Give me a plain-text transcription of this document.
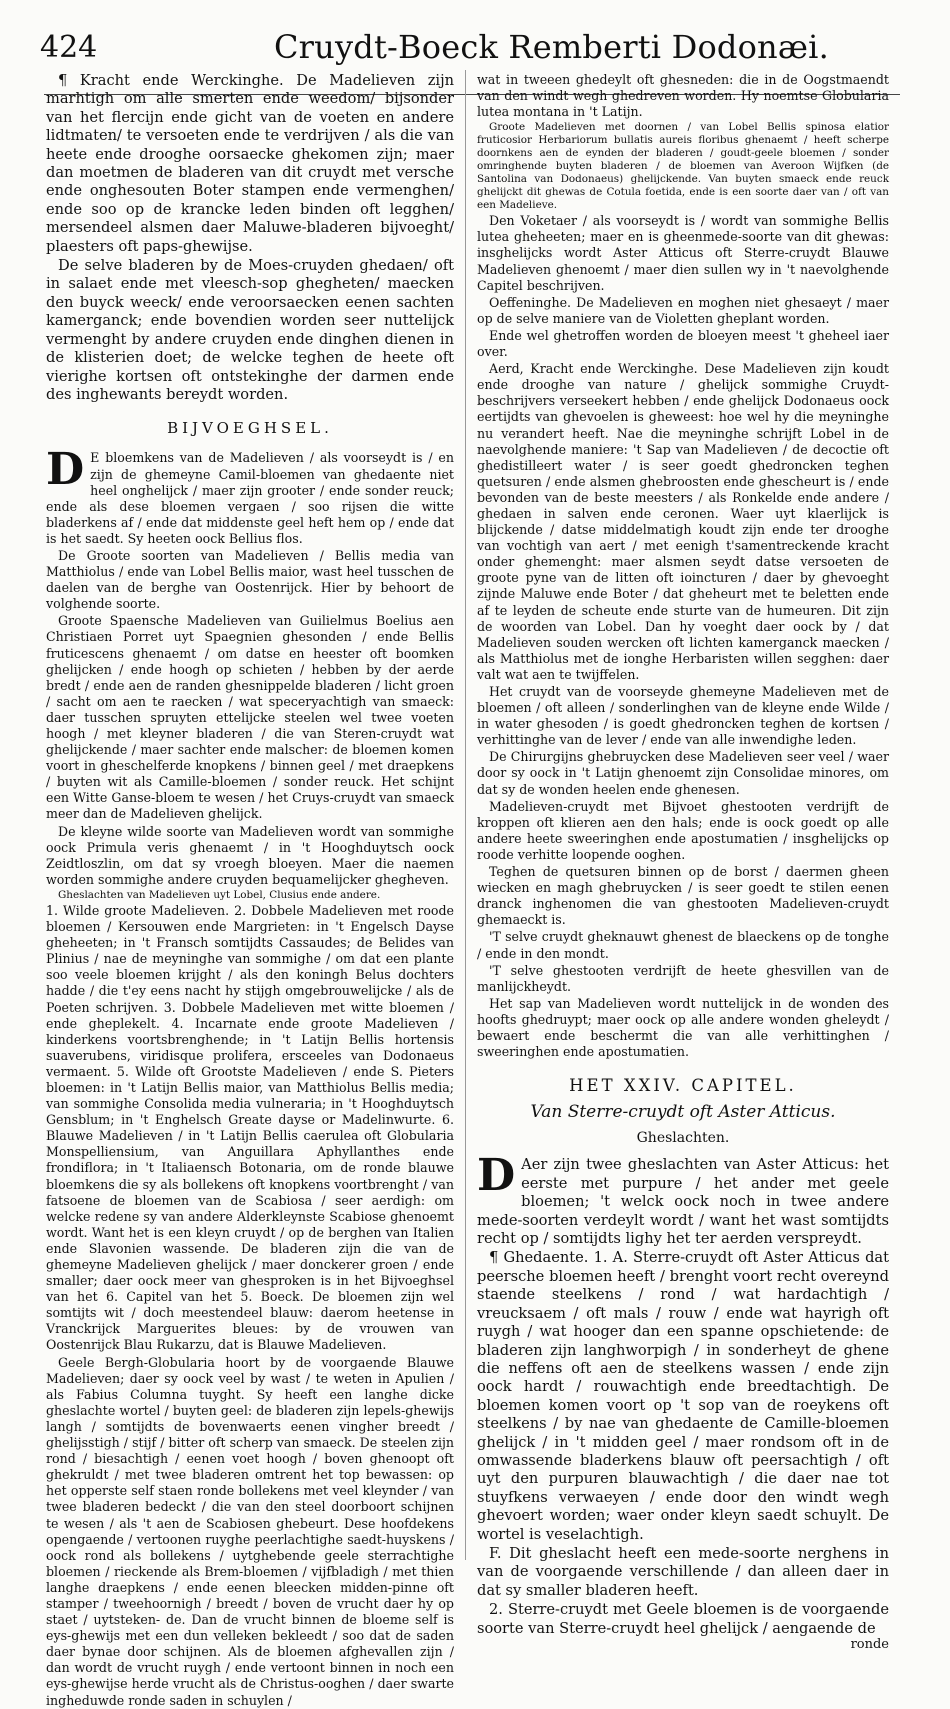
424	Cruydt-Boeck Remberti Dodonæi.

¶ Kracht ende Werckinghe. De Madelieven zijn marhtigh om alle smerten ende weedom/ bijsonder van het flercijn ende gicht van de voeten en andere lidtmaten/ te versoeten ende te verdrijven / als die van heete ende drooghe oorsaecke ghekomen zijn; maer dan moetmen de bladeren van dit cruydt met versche ende onghesouten Boter stampen ende vermenghen/ ende soo op de krancke leden binden oft legghen/ mersendeel alsmen daer Maluwe-bladeren bijvoeght/ plaesters oft paps-ghewijse.

De selve bladeren by de Moes-cruyden ghedaen/ oft in salaet ende met vleesch-sop ghegheten/ maecken den buyck weeck/ ende veroorsaecken eenen sachten kamerganck; ende bovendien worden seer nuttelijck vermenght by andere cruyden ende dinghen dienen in de klisterien doet; de welcke teghen de heete oft vierighe kortsen oft ontstekinghe der darmen ende des inghewants bereydt worden.

BIJVOEGHSEL.

D E bloemkens van de Madelieven / als voorseydt is / en zijn de ghemeyne Camil-bloemen van ghedaente niet heel onghelijck / maer zijn grooter / ende sonder reuck; ende als dese bloemen vergaen / soo rijsen die witte bladerkens af / ende dat middenste geel heft hem op / ende dat is het saedt. Sy heeten oock Bellius flos.

De Groote soorten van Madelieven / Bellis media van Matthiolus / ende van Lobel Bellis maior, wast heel tusschen de daelen van de berghe van Oostenrijck. Hier by behoort de volghende soorte.

Groote Spaensche Madelieven van Guilielmus Boelius aen Christiaen Porret uyt Spaegnien ghesonden / ende Bellis fruticescens ghenaemt / om datse en heester oft boomken ghelijcken / ende hoogh op schieten / hebben by der aerde bredt / ende aen de randen ghesnippelde bladeren / licht groen / sacht om aen te raecken / wat speceryachtigh van smaeck: daer tusschen spruyten ettelijcke steelen wel twee voeten hoogh / met kleyner bladeren / die van Steren-cruydt wat ghelijckende / maer sachter ende malscher: de bloemen komen voort in gheschelferde knopkens / binnen geel / met draepkens / buyten wit als Camille-bloemen / sonder reuck. Het schijnt een Witte Ganse-bloem te wesen / het Cruys-cruydt van smaeck meer dan de Madelieven ghelijck.

De kleyne wilde soorte van Madelieven wordt van sommighe oock Primula veris ghenaemt / in 't Hooghduytsch oock Zeidtloszlin, om dat sy vroegh bloeyen. Maer die naemen worden sommighe andere cruyden bequamelijcker ghegheven.

Gheslachten van Madelieven uyt Lobel, Clusius ende andere.

1. Wilde groote Madelieven. 2. Dobbele Madelieven met roode bloemen / Kersouwen ende Margrieten: in 't Engelsch Dayse gheheeten; in 't Fransch somtijdts Cassaudes; de Belides van Plinius / nae de meyninghe van sommighe / om dat een plante soo veele bloemen krijght / als den koningh Belus dochters hadde / die t'ey eens nacht hy stijgh omgebrouwelijcke / als de Poeten schrijven. 3. Dobbele Madelieven met witte bloemen / ende gheplekelt. 4. Incarnate ende groote Madelieven / kinderkens voortsbrenghende; in 't Latijn Bellis hortensis suaverubens, viridisque prolifera, ersceeles van Dodonaeus vermaent. 5. Wilde oft Grootste Madelieven / ende S. Pieters bloemen: in 't Latijn Bellis maior, van Matthiolus Bellis media; van sommighe Consolida media vulneraria; in 't Hooghduytsch Gensblum; in 't Enghelsch Greate dayse or Madelinwurte. 6. Blauwe Madelieven / in 't Latijn Bellis caerulea oft Globularia Monspelliensium, van Anguillara Aphyllanthes ende frondiflora; in 't Italiaensch Botonaria, om de ronde blauwe bloemkens die sy als bollekens oft knopkens voortbrenght / van fatsoene de bloemen van de Scabiosa / seer aerdigh: om welcke redene sy van andere Alderkleynste Scabiose ghenoemt wordt. Want het is een kleyn cruydt / op de berghen van Italien ende Slavonien wassende. De bladeren zijn die van de ghemeyne Madelieven ghelijck / maer donckerer groen / ende smaller; daer oock meer van ghesproken is in het Bijvoeghsel van het 6. Capitel van het 5. Boeck. De bloemen zijn wel somtijts wit / doch meestendeel blauw: daerom heetense in Vranckrijck Marguerites bleues: by de vrouwen van Oostenrijck Blau Rukarzu, dat is Blauwe Madelieven.

Geele Bergh-Globularia hoort by de voorgaende Blauwe Madelieven; daer sy oock veel by wast / te weten in Apulien / als Fabius Columna tuyght. Sy heeft een langhe dicke gheslachte wortel / buyten geel: de bladeren zijn lepels-ghewijs langh / somtijdts de bovenwaerts eenen vingher breedt / ghelijsstigh / stijf / bitter oft scherp van smaeck. De steelen zijn rond / biesachtigh / eenen voet hoogh / boven ghenoopt oft ghekruldt / met twee bladeren omtrent het top bewassen: op het opperste self staen ronde bollekens met veel kleynder / van twee bladeren bedeckt / die van den steel doorboort schijnen te wesen / als 't aen de Scabiosen ghebeurt. Dese hoofdekens opengaende / vertoonen ruyghe peerlachtighe saedt-huyskens / oock rond als bollekens / uytghebende geele sterrachtighe bloemen / rieckende als Brem-bloemen / vijfbladigh / met thien langhe draepkens / ende eenen bleecken midden-pinne oft stamper / tweehoornigh / breedt / boven de vrucht daer hy op staet / uytsteken- de. Dan de vrucht binnen de bloeme self is eys-ghewijs met een dun velleken bekleedt / soo dat de saden daer bynae door schijnen. Als de bloemen afghevallen zijn / dan wordt de vrucht ruygh / ende vertoont binnen in noch een eys-ghewijse herde vrucht als de Christus-ooghen / daer swarte ingheduwde ronde saden in schuylen /

wat in tweeen ghedeylt oft ghesneden: die in de Oogstmaendt van den windt wegh ghedreven worden. Hy noemtse Globularia lutea montana in 't Latijn.

Groote Madelieven met doornen / van Lobel Bellis spinosa elatior fruticosior Herbariorum bullatis aureis floribus ghenaemt / heeft scherpe doornkens aen de eynden der bladeren / goudt-geele bloemen / sonder omringhende buyten bladeren / de bloemen van Averoon Wijfken (de Santolina van Dodonaeus) ghelijckende. Van buyten smaeck ende reuck ghelijckt dit ghewas de Cotula foetida, ende is een soorte daer van / oft van een Madelieve.

Den Voketaer / als voorseydt is / wordt van sommighe Bellis lutea gheheeten; maer en is gheenmede-soorte van dit ghewas: insghelijcks wordt Aster Atticus oft Sterre-cruydt Blauwe Madelieven ghenoemt / maer dien sullen wy in 't naevolghende Capitel beschrijven.

Oeffeninghe. De Madelieven en moghen niet ghesaeyt / maer op de selve maniere van de Violetten gheplant worden.

Ende wel ghetroffen worden de bloeyen meest 't gheheel iaer over.

Aerd, Kracht ende Werckinghe. Dese Madelieven zijn koudt ende drooghe van nature / ghelijck sommighe Cruydt-beschrijvers verseekert hebben / ende ghelijck Dodonaeus oock eertijdts van ghevoelen is gheweest: hoe wel hy die meyninghe nu verandert heeft. Nae die meyninghe schrijft Lobel in de naevolghende maniere: 't Sap van Madelieven / de decoctie oft ghedistilleert water / is seer goedt ghedroncken teghen quetsuren / ende alsmen ghebroosten ende ghescheurt is / ende bevonden van de beste meesters / als Ronkelde ende andere / ghedaen in salven ende ceronen. Waer uyt klaerlijck is blijckende / datse middelmatigh koudt zijn ende ter drooghe van vochtigh van aert / met eenigh t'samentreckende kracht onder ghemenght: maer alsmen seydt datse versoeten de groote pyne van de litten oft ioincturen / daer by ghevoeght zijnde Maluwe ende Boter / dat gheheurt met te beletten ende af te leyden de scheute ende sturte van de humeuren. Dit zijn de woorden van Lobel. Dan hy voeght daer oock by / dat Madelieven souden wercken oft lichten kamerganck maecken / als Matthiolus met de ionghe Herbaristen willen segghen: daer valt wat aen te twijffelen.

Het cruydt van de voorseyde ghemeyne Madelieven met de bloemen / oft alleen / sonderlinghen van de kleyne ende Wilde / in water ghesoden / is goedt ghedroncken teghen de kortsen / verhittinghe van de lever / ende van alle inwendighe leden.

De Chirurgijns ghebruycken dese Madelieven seer veel / waer door sy oock in 't Latijn ghenoemt zijn Consolidae minores, om dat sy de wonden heelen ende ghenesen.

Madelieven-cruydt met Bijvoet ghestooten verdrijft de kroppen oft klieren aen den hals; ende is oock goedt op alle andere heete sweeringhen ende apostumatien / insghelijcks op roode verhitte loopende ooghen.

Teghen de quetsuren binnen op de borst / daermen gheen wiecken en magh ghebruycken / is seer goedt te stilen eenen dranck inghenomen die van ghestooten Madelieven-cruydt ghemaeckt is.

'T selve cruydt gheknauwt ghenest de blaeckens op de tonghe / ende in den mondt.

'T selve ghestooten verdrijft de heete ghesvillen van de manlijckheydt.

Het sap van Madelieven wordt nuttelijck in de wonden des hoofts ghedruypt; maer oock op alle andere wonden gheleydt / bewaert ende beschermt die van alle verhittinghen / sweeringhen ende apostumatien.

HET XXIV. CAPITEL.
Van Sterre-cruydt oft Aster Atticus.
Gheslachten.

D Aer zijn twee gheslachten van Aster Atticus: het eerste met purpure / het ander met geele bloemen; 't welck oock noch in twee andere mede-soorten verdeylt wordt / want het wast somtijdts recht op / somtijdts lighy het ter aerden verspreydt.

¶ Ghedaente. 1. A. Sterre-cruydt oft Aster Atticus dat peersche bloemen heeft / brenght voort recht overeynd staende steelkens / rond / wat hardachtigh / vreucksaem / oft mals / rouw / ende wat hayrigh oft ruygh / wat hooger dan een spanne opschietende: de bladeren zijn langhworpigh / in sonderheyt de ghene die neffens oft aen de steelkens wassen / ende zijn oock hardt / rouwachtigh ende breedtachtigh. De bloemen komen voort op 't sop van de roeykens oft steelkens / by nae van ghedaente de Camille-bloemen ghelijck / in 't midden geel / maer rondsom oft in de omwassende bladerkens blauw oft peersachtigh / oft uyt den purpuren blauwachtigh / die daer nae tot stuyfkens verwaeyen / ende door den windt wegh ghevoert worden; waer onder kleyn saedt schuylt. De wortel is veselachtigh.

F. Dit gheslacht heeft een mede-soorte nerghens in van de voorgaende verschillende / dan alleen daer in dat sy smaller bladeren heeft.

2. Sterre-cruydt met Geele bloemen is de voorgaende soorte van Sterre-cruydt heel ghelijck / aengaende de

ronde
